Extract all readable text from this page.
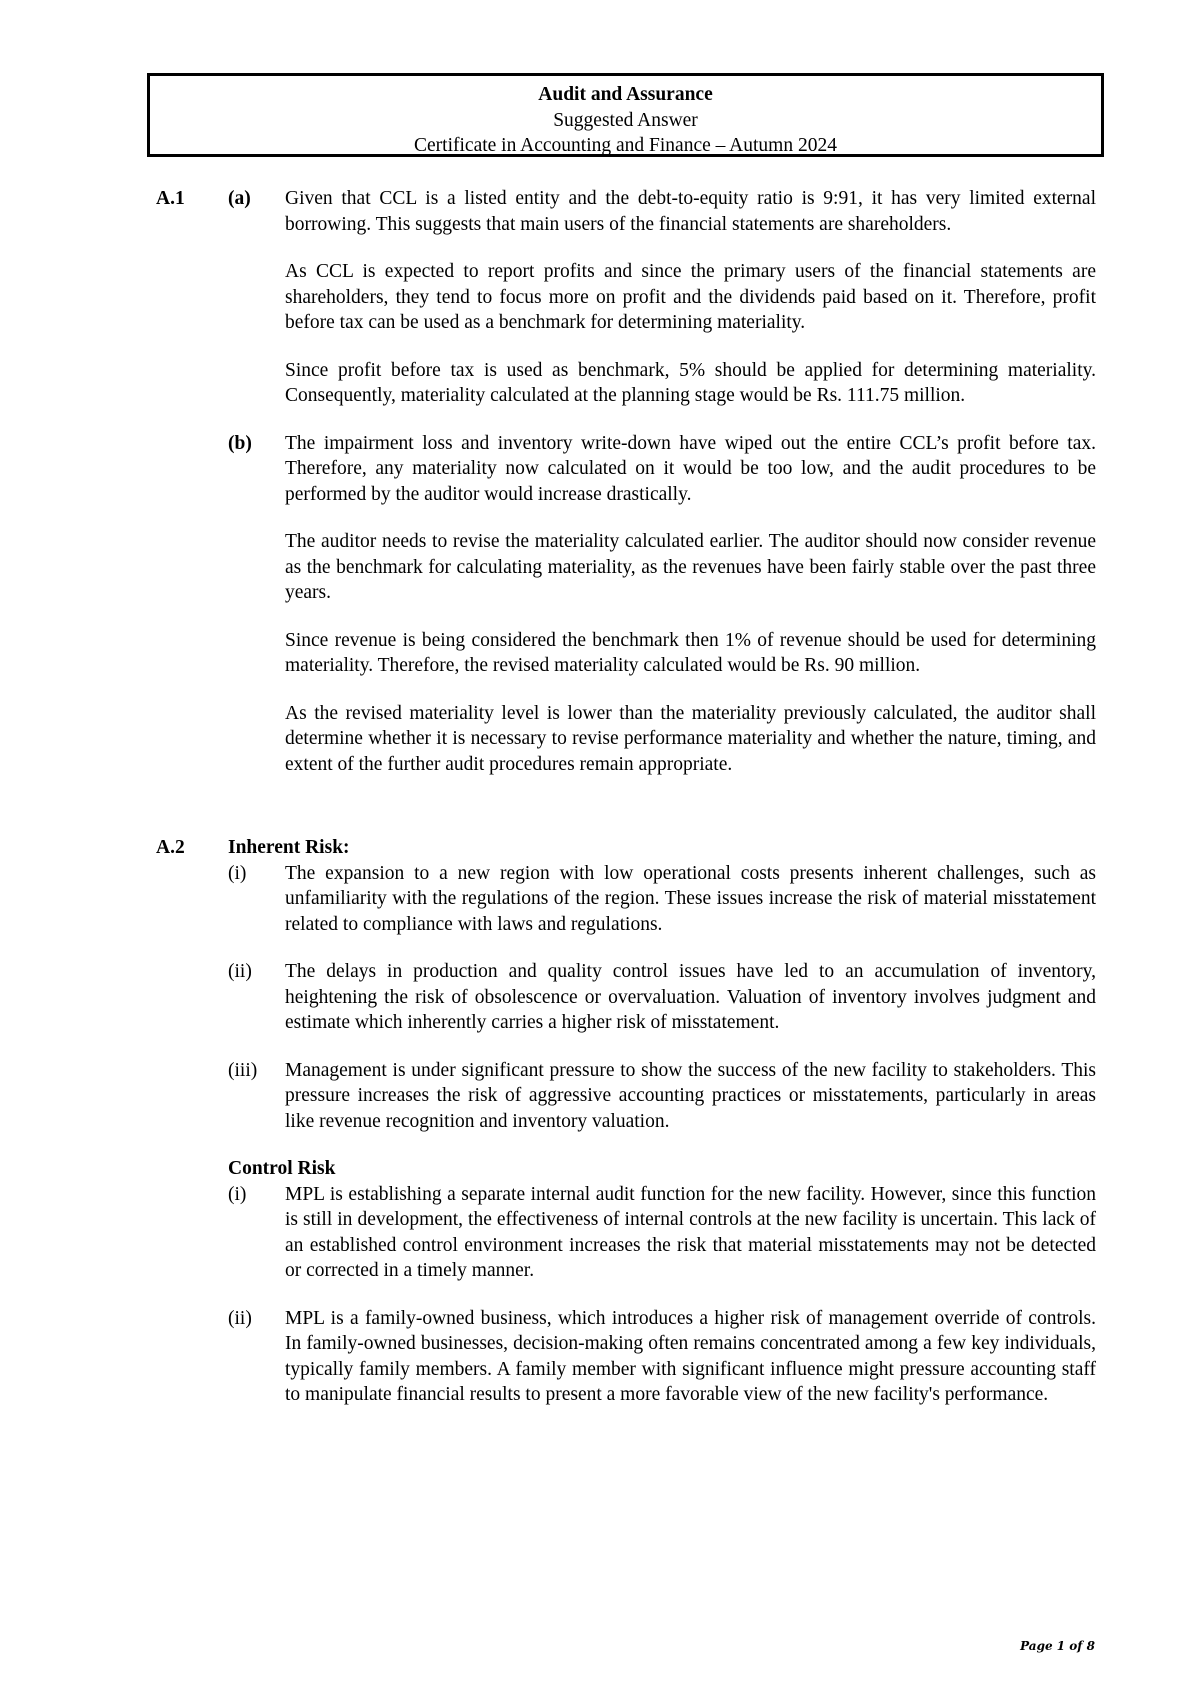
Audit and Assurance
Suggested Answer
Certificate in Accounting and Finance – Autumn 2024
A.1	(a)	Given that CCL is a listed entity and the debt-to-equity ratio is 9:91, it has very limited external borrowing. This suggests that main users of the financial statements are shareholders.

As CCL is expected to report profits and since the primary users of the financial statements are shareholders, they tend to focus more on profit and the dividends paid based on it. Therefore, profit before tax can be used as a benchmark for determining materiality.

Since profit before tax is used as benchmark, 5% should be applied for determining materiality. Consequently, materiality calculated at the planning stage would be Rs. 111.75 million.

(b)	The impairment loss and inventory write-down have wiped out the entire CCL’s profit before tax. Therefore, any materiality now calculated on it would be too low, and the audit procedures to be performed by the auditor would increase drastically.

The auditor needs to revise the materiality calculated earlier. The auditor should now consider revenue as the benchmark for calculating materiality, as the revenues have been fairly stable over the past three years.

Since revenue is being considered the benchmark then 1% of revenue should be used for determining materiality. Therefore, the revised materiality calculated would be Rs. 90 million.

As the revised materiality level is lower than the materiality previously calculated, the auditor shall determine whether it is necessary to revise performance materiality and whether the nature, timing, and extent of the further audit procedures remain appropriate.

A.2	Inherent Risk:
(i)	The expansion to a new region with low operational costs presents inherent challenges, such as unfamiliarity with the regulations of the region. These issues increase the risk of material misstatement related to compliance with laws and regulations.
(ii)	The delays in production and quality control issues have led to an accumulation of inventory, heightening the risk of obsolescence or overvaluation. Valuation of inventory involves judgment and estimate which inherently carries a higher risk of misstatement.
(iii)	Management is under significant pressure to show the success of the new facility to stakeholders. This pressure increases the risk of aggressive accounting practices or misstatements, particularly in areas like revenue recognition and inventory valuation.
Control Risk
(i)	MPL is establishing a separate internal audit function for the new facility. However, since this function is still in development, the effectiveness of internal controls at the new facility is uncertain. This lack of an established control environment increases the risk that material misstatements may not be detected or corrected in a timely manner.
(ii)	MPL is a family-owned business, which introduces a higher risk of management override of controls. In family-owned businesses, decision-making often remains concentrated among a few key individuals, typically family members. A family member with significant influence might pressure accounting staff to manipulate financial results to present a more favorable view of the new facility's performance.
Page 1 of 8
